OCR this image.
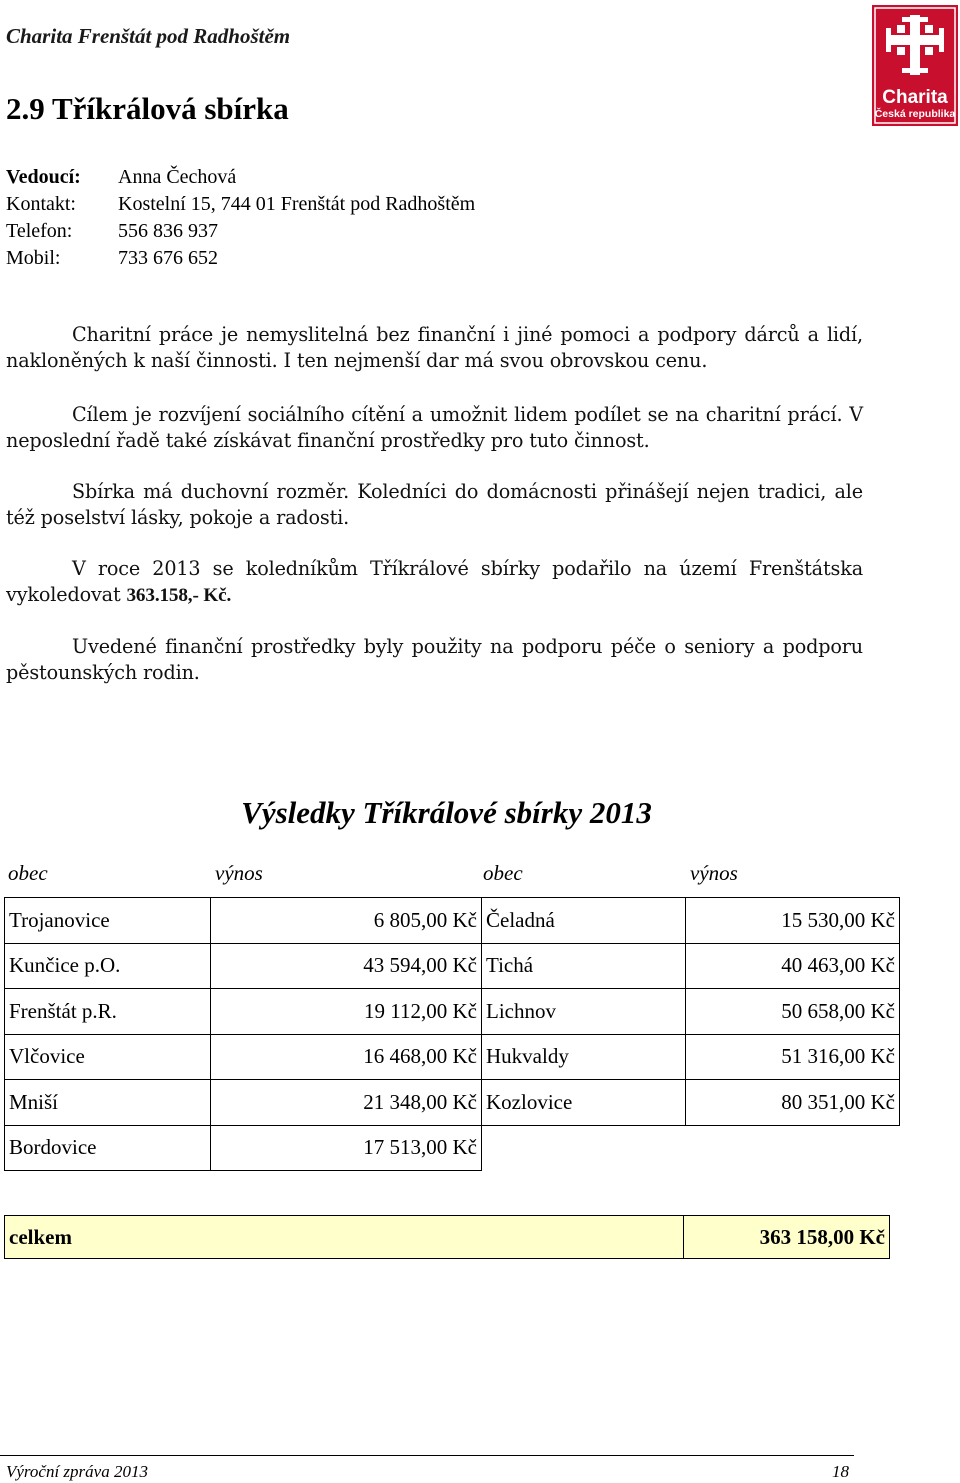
Charita Frenštát pod Radhoštěm
Charita
Česká republika
2.9 Tříkrálová sbírka
Vedoucí: Anna Čechová
Kontakt: Kostelní 15, 744 01 Frenštát pod Radhoštěm
Telefon: 556 836 937
Mobil:	733 676 652
Charitní práce je nemyslitelná bez finanční i jiné pomoci a podpory dárců a lidí, nakloněných k naší činnosti. I ten nejmenší dar má svou obrovskou cenu.
Cílem je rozvíjení sociálního cítění a umožnit lidem podílet se na charitní prácí. V neposlední řadě také získávat finanční prostředky pro tuto činnost.
Sbírka má duchovní rozměr. Koledníci do domácnosti přinášejí nejen tradici, ale též poselství lásky, pokoje a radosti.
V roce 2013 se koledníkům Tříkrálové sbírky podařilo na území Frenštátska vykoledovat 363.158,- Kč.
Uvedené finanční prostředky byly použity na podporu péče o seniory a podporu pěstounských rodin.
Výsledky Tříkrálové sbírky 2013
obec	výnos	obec	výnos
Trojanovice	6 805,00 Kč	Čeladná	15 530,00 Kč
Kunčice p.O.	43 594,00 Kč	Tichá	40 463,00 Kč
Frenštát p.R.	19 112,00 Kč	Lichnov	50 658,00 Kč
Vlčovice	16 468,00 Kč	Hukvaldy	51 316,00 Kč
Mniší	21 348,00 Kč	Kozlovice	80 351,00 Kč
Bordovice	17 513,00 Kč		
celkem	363 158,00 Kč
Výroční zpráva 2013	18
